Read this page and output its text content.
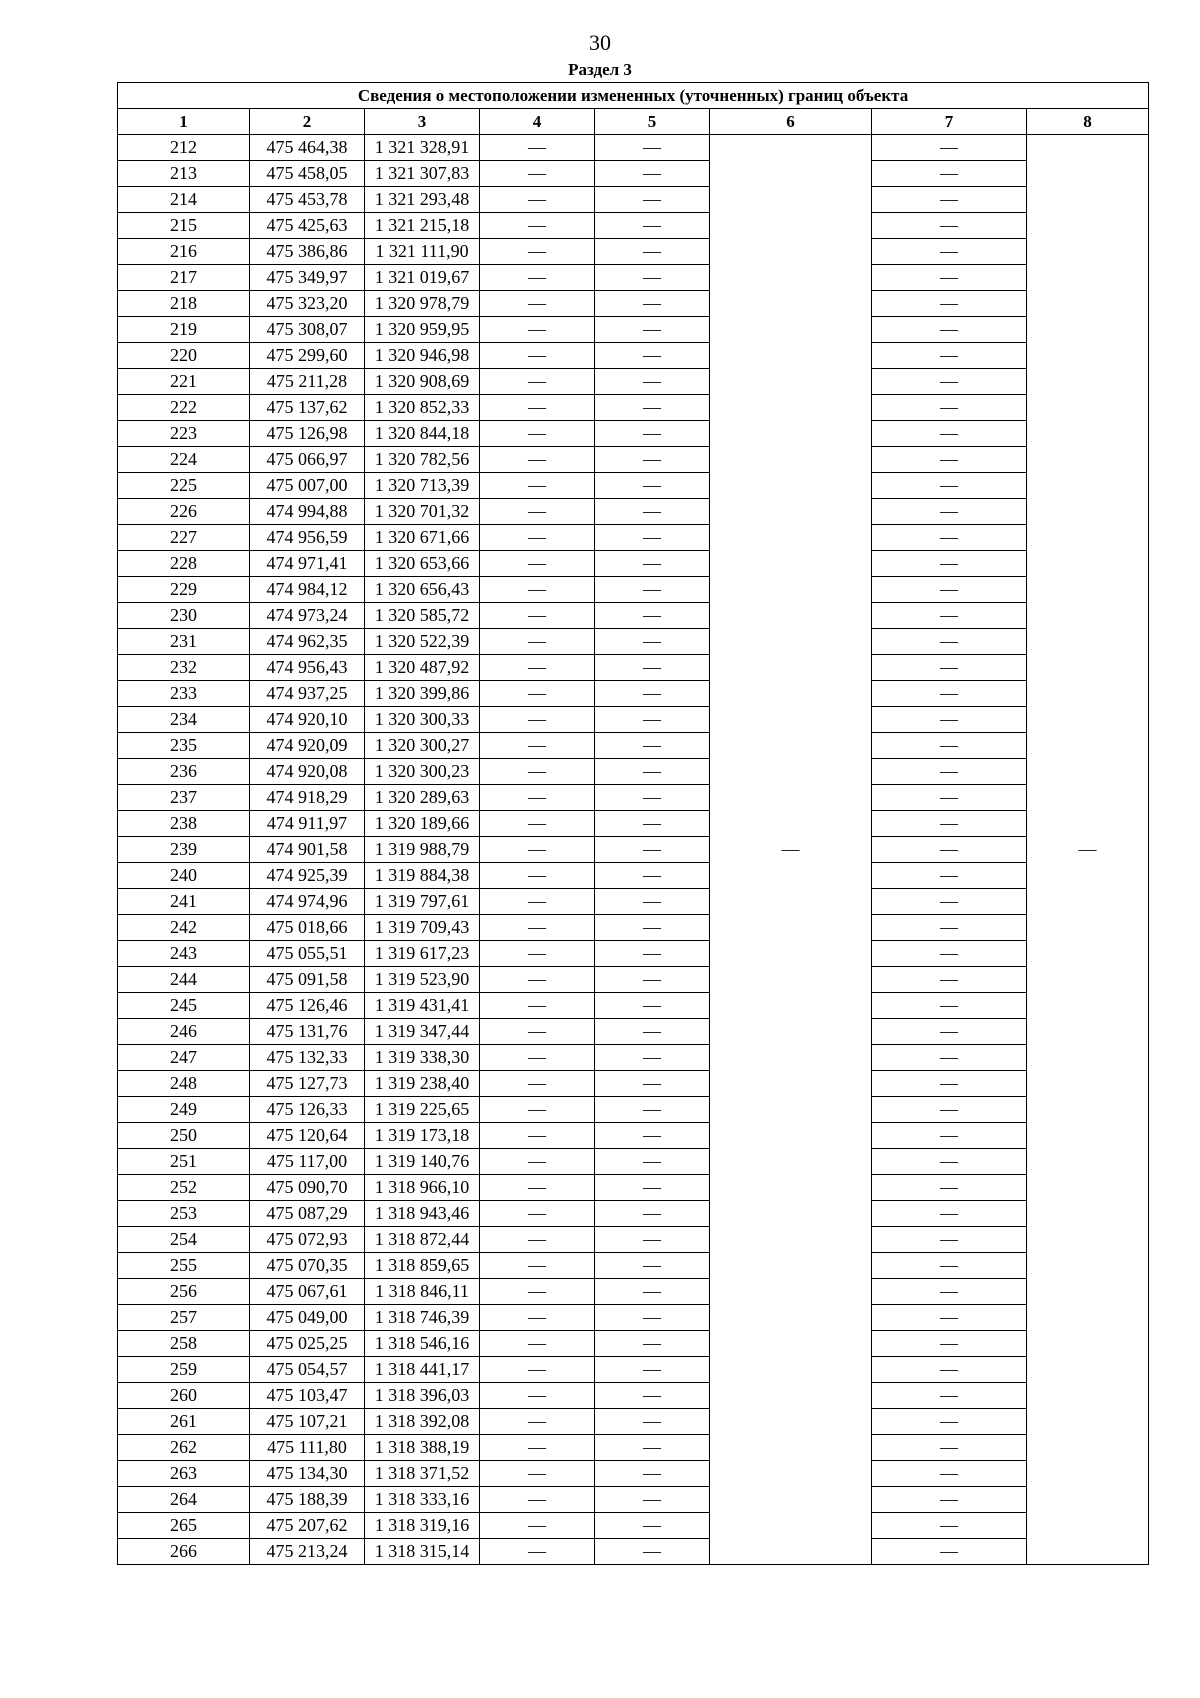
30
Раздел 3
Сведения о местоположении измененных (уточненных) границ объекта							
1	2	3	4	5	6	7	8
212	475 464,38	1 321 328,91	—	—	—	—	—
213	475 458,05	1 321 307,83	—	—		—	
214	475 453,78	1 321 293,48	—	—		—	
215	475 425,63	1 321 215,18	—	—		—	
216	475 386,86	1 321 111,90	—	—		—	
217	475 349,97	1 321 019,67	—	—		—	
218	475 323,20	1 320 978,79	—	—		—	
219	475 308,07	1 320 959,95	—	—		—	
220	475 299,60	1 320 946,98	—	—		—	
221	475 211,28	1 320 908,69	—	—		—	
222	475 137,62	1 320 852,33	—	—		—	
223	475 126,98	1 320 844,18	—	—		—	
224	475 066,97	1 320 782,56	—	—		—	
225	475 007,00	1 320 713,39	—	—		—	
226	474 994,88	1 320 701,32	—	—		—	
227	474 956,59	1 320 671,66	—	—		—	
228	474 971,41	1 320 653,66	—	—		—	
229	474 984,12	1 320 656,43	—	—		—	
230	474 973,24	1 320 585,72	—	—		—	
231	474 962,35	1 320 522,39	—	—		—	
232	474 956,43	1 320 487,92	—	—		—	
233	474 937,25	1 320 399,86	—	—		—	
234	474 920,10	1 320 300,33	—	—		—	
235	474 920,09	1 320 300,27	—	—		—	
236	474 920,08	1 320 300,23	—	—		—	
237	474 918,29	1 320 289,63	—	—		—	
238	474 911,97	1 320 189,66	—	—		—	
239	474 901,58	1 319 988,79	—	—		—	
240	474 925,39	1 319 884,38	—	—		—	
241	474 974,96	1 319 797,61	—	—		—	
242	475 018,66	1 319 709,43	—	—		—	
243	475 055,51	1 319 617,23	—	—		—	
244	475 091,58	1 319 523,90	—	—		—	
245	475 126,46	1 319 431,41	—	—		—	
246	475 131,76	1 319 347,44	—	—		—	
247	475 132,33	1 319 338,30	—	—		—	
248	475 127,73	1 319 238,40	—	—		—	
249	475 126,33	1 319 225,65	—	—		—	
250	475 120,64	1 319 173,18	—	—		—	
251	475 117,00	1 319 140,76	—	—		—	
252	475 090,70	1 318 966,10	—	—		—	
253	475 087,29	1 318 943,46	—	—		—	
254	475 072,93	1 318 872,44	—	—		—	
255	475 070,35	1 318 859,65	—	—		—	
256	475 067,61	1 318 846,11	—	—		—	
257	475 049,00	1 318 746,39	—	—		—	
258	475 025,25	1 318 546,16	—	—		—	
259	475 054,57	1 318 441,17	—	—		—	
260	475 103,47	1 318 396,03	—	—		—	
261	475 107,21	1 318 392,08	—	—		—	
262	475 111,80	1 318 388,19	—	—		—	
263	475 134,30	1 318 371,52	—	—		—	
264	475 188,39	1 318 333,16	—	—		—	
265	475 207,62	1 318 319,16	—	—		—	
266	475 213,24	1 318 315,14	—	—		—	
